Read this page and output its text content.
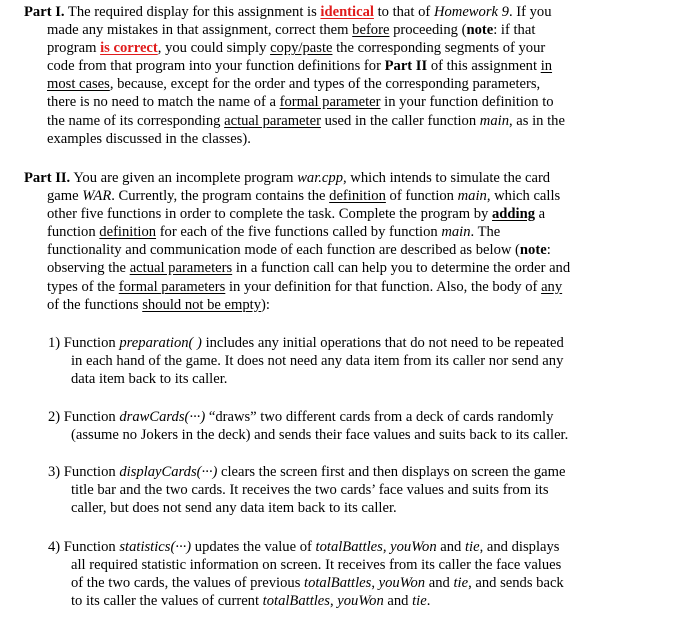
Part I. The required display for this assignment is identical to that of Homework 9. If you
made any mistakes in that assignment, correct them before proceeding (note: if that
program is correct, you could simply copy/paste the corresponding segments of your
code from that program into your function definitions for Part II of this assignment in
most cases, because, except for the order and types of the corresponding parameters,
there is no need to match the name of a formal parameter in your function definition to
the name of its corresponding actual parameter used in the caller function main, as in the
examples discussed in the classes).
Part II. You are given an incomplete program war.cpp, which intends to simulate the card
game WAR. Currently, the program contains the definition of function main, which calls
other five functions in order to complete the task. Complete the program by adding a
function definition for each of the five functions called by function main. The
functionality and communication mode of each function are described as below (note:
observing the actual parameters in a function call can help you to determine the order and
types of the formal parameters in your definition for that function. Also, the body of any
of the functions should not be empty):
1) Function preparation( ) includes any initial operations that do not need to be repeated
in each hand of the game. It does not need any data item from its caller nor send any
data item back to its caller.
2) Function drawCards(···) “draws” two different cards from a deck of cards randomly
(assume no Jokers in the deck) and sends their face values and suits back to its caller.
3) Function displayCards(···) clears the screen first and then displays on screen the game
title bar and the two cards. It receives the two cards’ face values and suits from its
caller, but does not send any data item back to its caller.
4) Function statistics(···) updates the value of totalBattles, youWon and tie, and displays
all required statistic information on screen. It receives from its caller the face values
of the two cards, the values of previous totalBattles, youWon and tie, and sends back
to its caller the values of current totalBattles, youWon and tie.
